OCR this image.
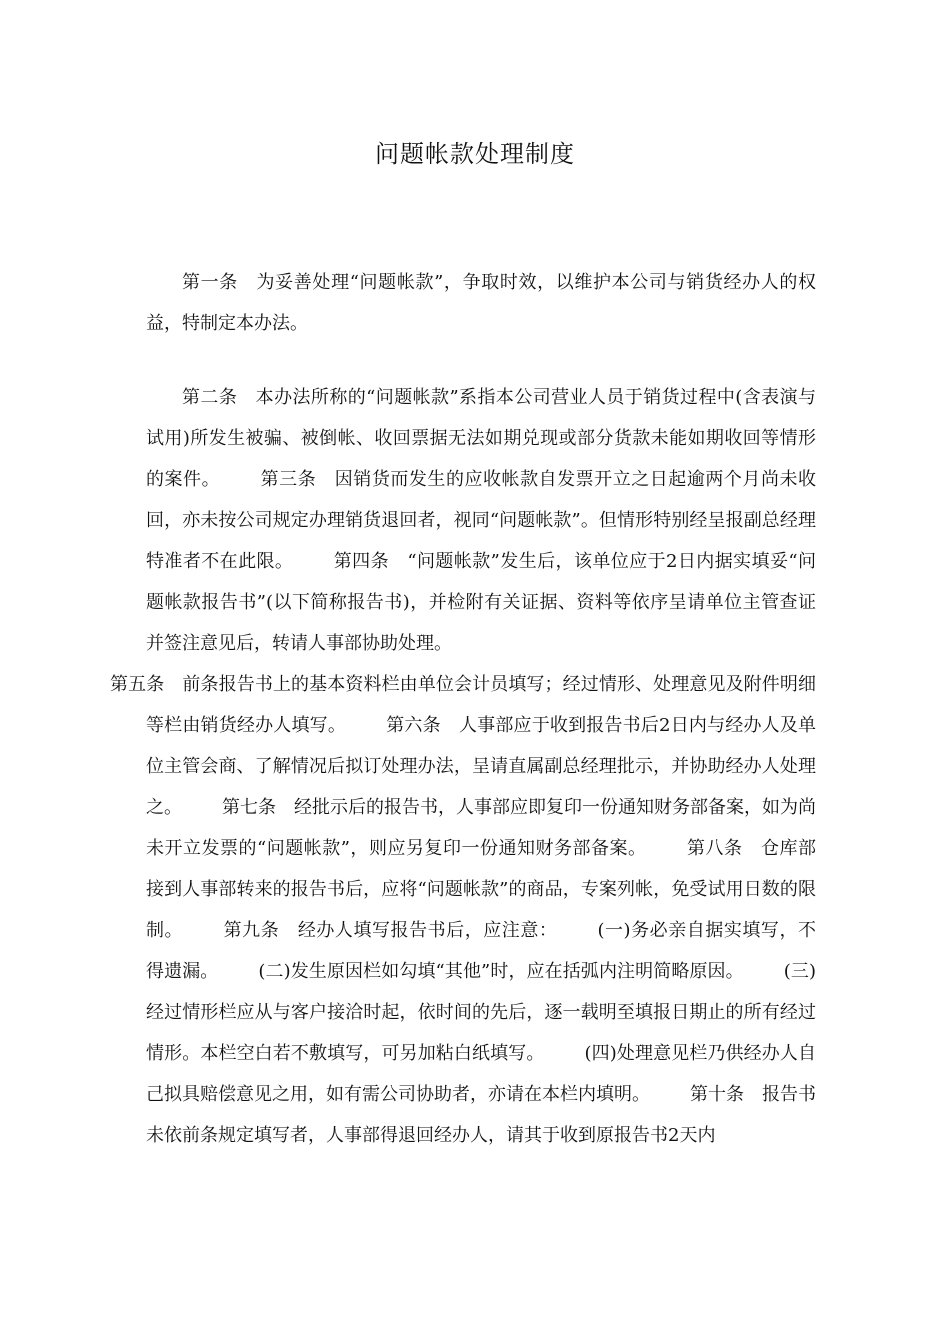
问题帐款处理制度

第一条　为妥善处理“问题帐款”，争取时效，以维护本公司与销货经办人的权益，特制定本办法。

第二条　本办法所称的“问题帐款”系指本公司营业人员于销货过程中(含表演与试用)所发生被骗、被倒帐、收回票据无法如期兑现或部分货款未能如期收回等情形的案件。 第三条　因销货而发生的应收帐款自发票开立之日起逾两个月尚未收回，亦未按公司规定办理销货退回者，视同“问题帐款”。但情形特别经呈报副总经理特准者不在此限。 第四条　“问题帐款”发生后，该单位应于2日内据实填妥“问题帐款报告书”(以下简称报告书)，并检附有关证据、资料等依序呈请单位主管查证并签注意见后，转请人事部协助处理。
第五条　前条报告书上的基本资料栏由单位会计员填写；经过情形、处理意见及附件明细等栏由销货经办人填写。 第六条　人事部应于收到报告书后2日内与经办人及单位主管会商、了解情况后拟订处理办法，呈请直属副总经理批示，并协助经办人处理之。 第七条　经批示后的报告书，人事部应即复印一份通知财务部备案，如为尚未开立发票的“问题帐款”，则应另复印一份通知财务部备案。 第八条　仓库部接到人事部转来的报告书后，应将“问题帐款”的商品，专案列帐，免受试用日数的限制。 第九条　经办人填写报告书后，应注意： (一)务必亲自据实填写，不得遗漏。 (二)发生原因栏如勾填“其他”时，应在括弧内注明简略原因。 (三)经过情形栏应从与客户接洽时起，依时间的先后，逐一载明至填报日期止的所有经过情形。本栏空白若不敷填写，可另加粘白纸填写。 (四)处理意见栏乃供经办人自己拟具赔偿意见之用，如有需公司协助者，亦请在本栏内填明。 第十条　报告书未依前条规定填写者，人事部得退回经办人，请其于收到原报告书2天内
